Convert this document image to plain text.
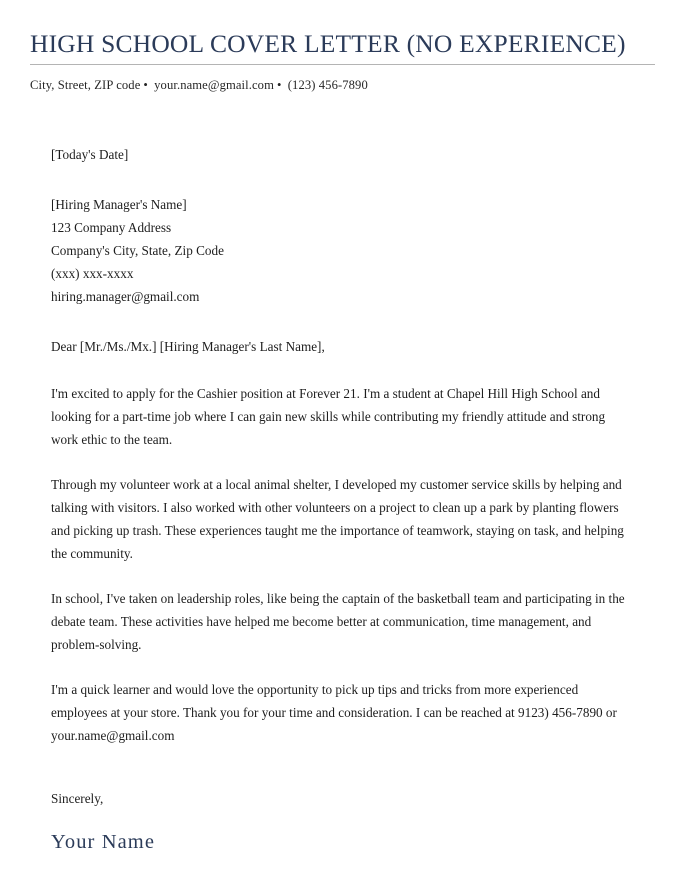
HIGH SCHOOL COVER LETTER (NO EXPERIENCE)
City, Street, ZIP code • your.name@gmail.com • (123) 456-7890
[Today's Date]
[Hiring Manager's Name]
123 Company Address
Company's City, State, Zip Code
(xxx) xxx-xxxx
hiring.manager@gmail.com
Dear [Mr./Ms./Mx.] [Hiring Manager's Last Name],

I'm excited to apply for the Cashier position at Forever 21. I'm a student at Chapel Hill High School and looking for a part-time job where I can gain new skills while contributing my friendly attitude and strong work ethic to the team.

Through my volunteer work at a local animal shelter, I developed my customer service skills by helping and talking with visitors. I also worked with other volunteers on a project to clean up a park by planting flowers and picking up trash. These experiences taught me the importance of teamwork, staying on task, and helping the community.

In school, I've taken on leadership roles, like being the captain of the basketball team and participating in the debate team. These activities have helped me become better at communication, time management, and problem-solving.

I'm a quick learner and would love the opportunity to pick up tips and tricks from more experienced employees at your store. Thank you for your time and consideration. I can be reached at 9123) 456-7890 or your.name@gmail.com

Sincerely,
Your Name
